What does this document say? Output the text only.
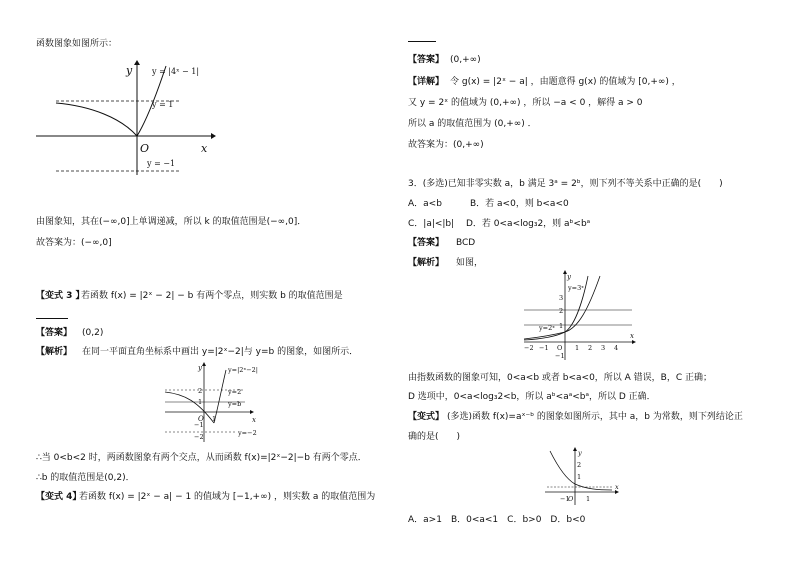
函数图象如图所示：
y
x
O
y = |4ˣ − 1|
y = 1
y = −1
由图象知，其在(−∞,0]上单调递减，所以 k 的取值范围是(−∞,0]．
故答案为：(−∞,0]
【变式 3 】
若函数 f(x) = |2ˣ − 2| − b 有两个零点，则实数 b 的取值范围是
【答案】 (0,2)
【解析】 在同一平面直角坐标系中画出 y=|2ˣ−2|与 y=b 的图象，如图所示．
y
x
O
y=|2ˣ−2|
y=2
y=b
y=−2
2
1
−1
−2
1
∴当 0<b<2 时，两函数图象有两个交点，从而函数 f(x)=|2ˣ−2|−b 有两个零点．
∴b 的取值范围是(0,2)．
【变式 4】
若函数 f(x) = |2ˣ − a| − 1 的值域为 [−1,+∞) ，则实数 a 的取值范围为
【答案】 (0,+∞)
【详解】 令 g(x) = |2ˣ − a| ，由题意得 g(x) 的值域为 [0,+∞) ，
又 y = 2ˣ 的值域为 (0,+∞) ，所以 −a < 0 ，解得 a > 0
所以 a 的取值范围为 (0,+∞) ．
故答案为：(0,+∞)
3．(多选)已知非零实数 a，b 满足 3ᵃ = 2ᵇ，则下列不等关系中正确的是(　　)
A．a<b	B．若 a<0，则 b<a<0
C．|a|<|b| D．若 0<a<log₃2，则 aᵇ<bᵃ
【答案】 BCD
【解析】 如图，
y
x
y=3ˣ
y=2ˣ
−2 −1 O 1 2 3 4
3
2
1
−1
由指数函数的图象可知，0<a<b 或者 b<a<0，所以 A 错误，B，C 正确；
D 选项中，0<a<log₃2<b，所以 aᵇ<aᵃ<bᵃ，所以 D 正确．
【变式】 (多选)函数 f(x)=aˣ⁻ᵇ 的图象如图所示，其中 a，b 为常数，则下列结论正
确的是(　　)
y
x
2
1
−1
O 1
A．a>1　B．0<a<1　C．b>0　D．b<0
